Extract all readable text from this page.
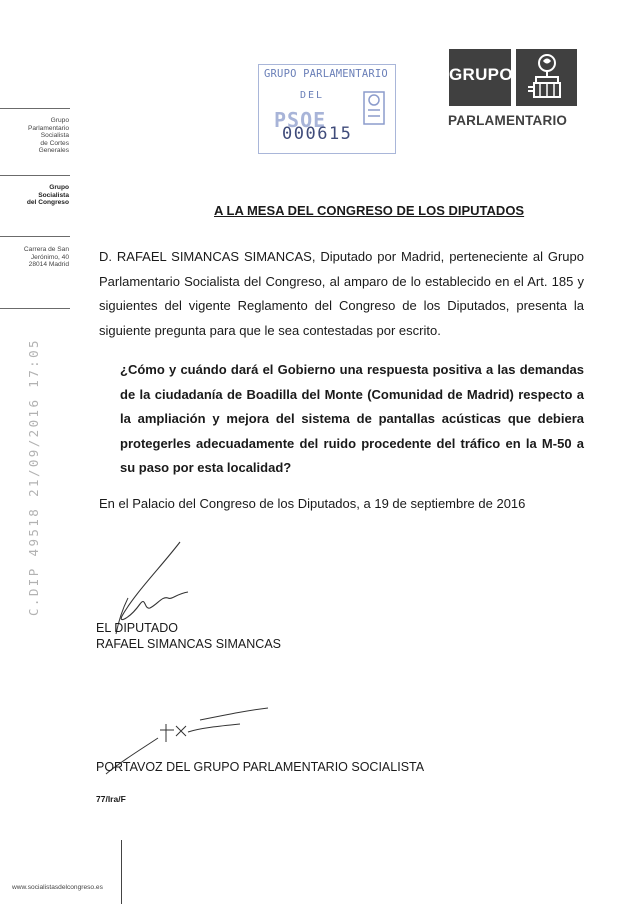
Grupo
Parlamentario
Socialista
de Cortes
Generales
Grupo
Socialista
del Congreso
Carrera de San
Jerónimo, 40
28014 Madrid
GRUPO PARLAMENTARIO
DEL
PSOE
000615
GRUPO
PARLAMENTARIO
C.DIP 49518 21/09/2016 17:05
A LA MESA DEL CONGRESO DE LOS DIPUTADOS
D. RAFAEL SIMANCAS SIMANCAS, Diputado por Madrid, perteneciente al Grupo Parlamentario Socialista del Congreso, al amparo de lo establecido en el Art. 185 y siguientes del vigente Reglamento del Congreso de los Diputados, presenta la siguiente pregunta para que le sea contestadas por escrito.
¿Cómo y cuándo dará el Gobierno una respuesta positiva a las demandas de la ciudadanía de Boadilla del Monte (Comunidad de Madrid) respecto a la ampliación y mejora del sistema de pantallas acústicas que debiera protegerles adecuadamente del ruido procedente del tráfico en la M-50 a su paso por esta localidad?
En el Palacio del Congreso de los Diputados, a 19 de septiembre de 2016
EL DIPUTADO
RAFAEL SIMANCAS SIMANCAS
PORTAVOZ DEL GRUPO PARLAMENTARIO SOCIALISTA
77/lra/F
www.socialistasdelcongreso.es
